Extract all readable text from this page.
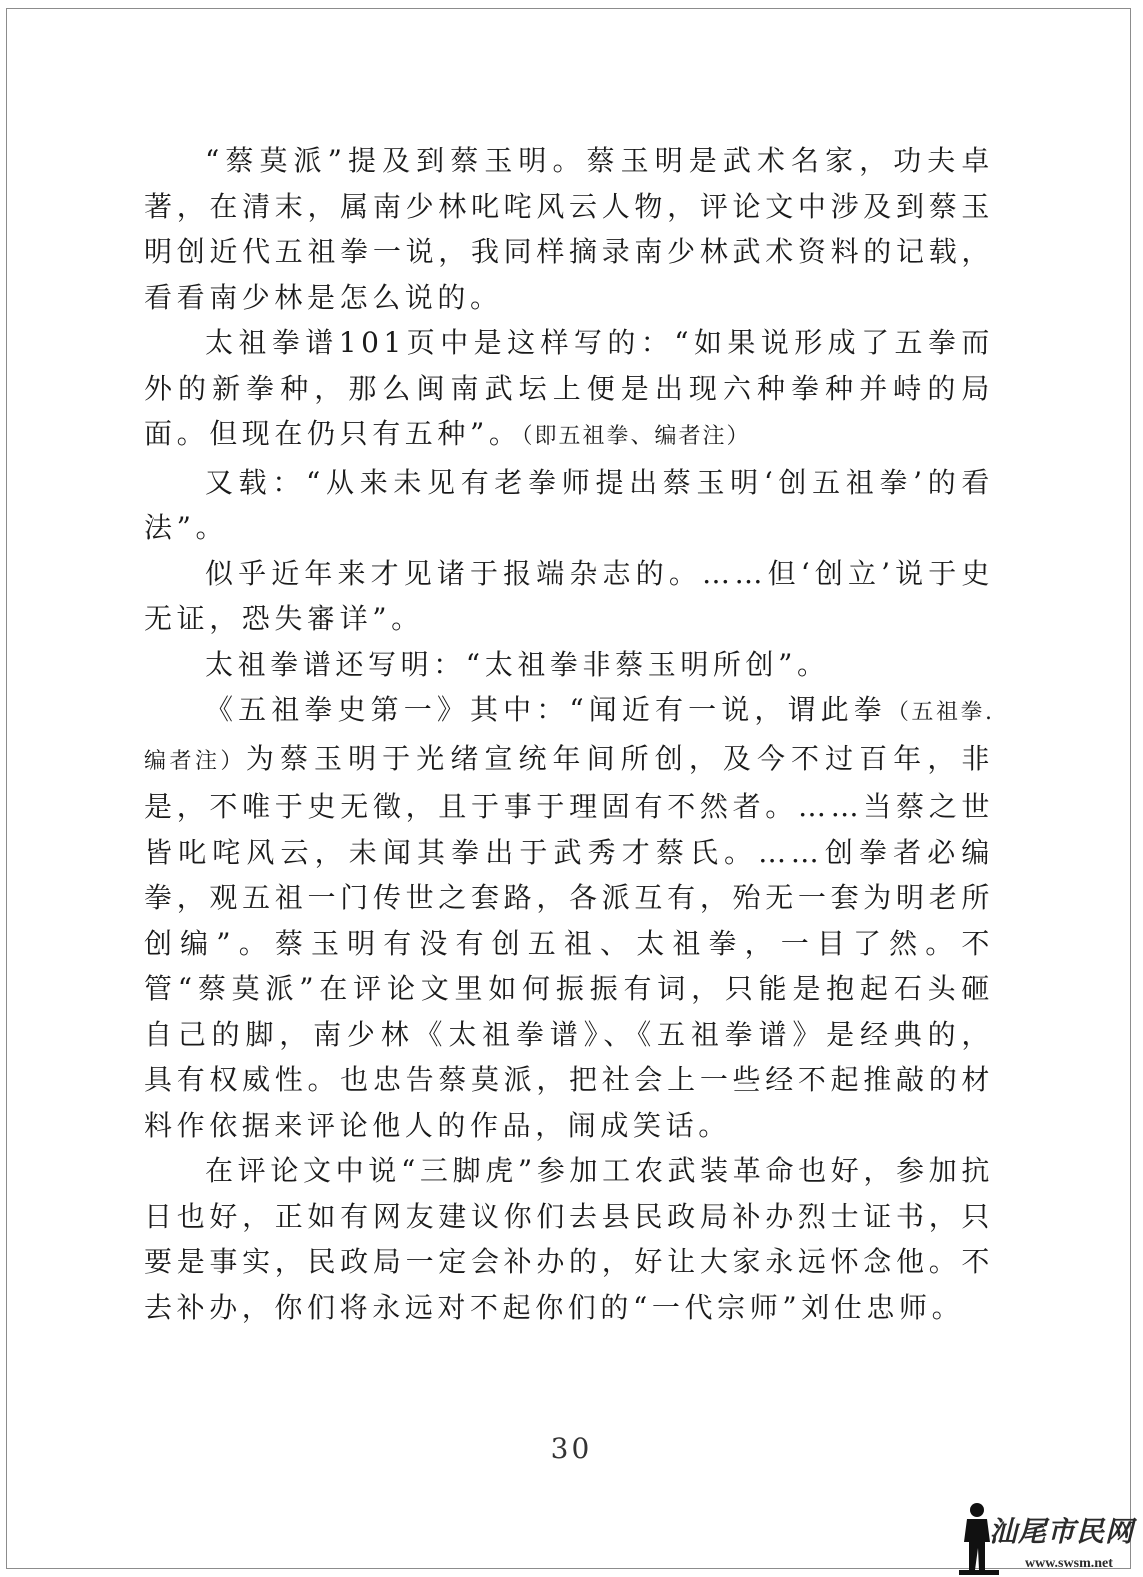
“蔡莫派”提及到蔡玉明。蔡玉明是武术名家，功夫卓著，在清末，属南少林叱咤风云人物，评论文中涉及到蔡玉明创近代五祖拳一说，我同样摘录南少林武术资料的记载，看看南少林是怎么说的。

太祖拳谱101页中是这样写的：“如果说形成了五拳而外的新拳种，那么闽南武坛上便是出现六种拳种并峙的局面。但现在仍只有五种”。（即五祖拳、编者注）

又载：“从来未见有老拳师提出蔡玉明‘创五祖拳’的看法”。

似乎近年来才见诸于报端杂志的。……但‘创立’说于史无证，恐失審详”。

太祖拳谱还写明：“太祖拳非蔡玉明所创”。

《五祖拳史第一》其中：“闻近有一说，谓此拳（五祖拳.编者注）为蔡玉明于光绪宣统年间所创，及今不过百年，非是，不唯于史无徵，且于事于理固有不然者。……当蔡之世皆叱咤风云，未闻其拳出于武秀才蔡氏。……创拳者必编拳，观五祖一门传世之套路，各派互有，殆无一套为明老所创编”。蔡玉明有没有创五祖、太祖拳，一目了然。不管“蔡莫派”在评论文里如何振振有词，只能是抱起石头砸自己的脚，南少林《太祖拳谱》、《五祖拳谱》是经典的，具有权威性。也忠告蔡莫派，把社会上一些经不起推敲的材料作依据来评论他人的作品，闹成笑话。

在评论文中说“三脚虎”参加工农武装革命也好，参加抗日也好，正如有网友建议你们去县民政局补办烈士证书，只要是事实，民政局一定会补办的，好让大家永远怀念他。不去补办，你们将永远对不起你们的“一代宗师”刘仕忠师。

30
汕尾市民网
www.swsm.net
